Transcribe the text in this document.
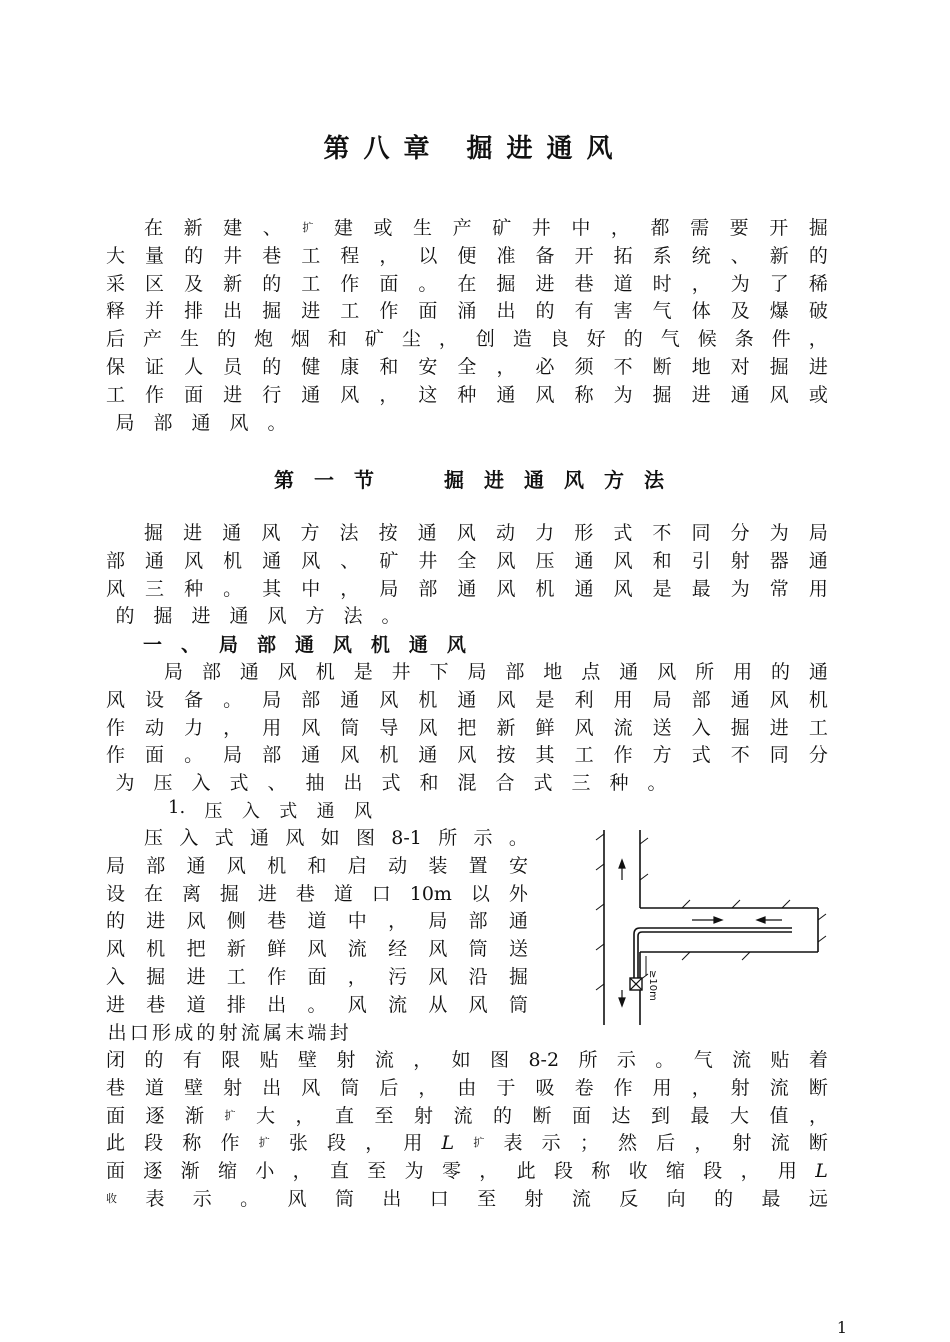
第八章 掘进通风
在 新 建 、 扩 建 或 生 产 矿 井 中 ， 都 需 要 开 掘
大 量 的 井 巷 工 程 ， 以 便 准 备 开 拓 系 统 、 新 的
采 区 及 新 的 工 作 面 。 在 掘 进 巷 道 时 ， 为 了 稀
释 并 排 出 掘 进 工 作 面 涌 出 的 有 害 气 体 及 爆 破
后 产 生 的 炮 烟 和 矿 尘 ， 创 造 良 好 的 气 候 条 件 ，
保 证 人 员 的 健 康 和 安 全 ， 必 须 不 断 地 对 掘 进
工 作 面 进 行 通 风 ， 这 种 通 风 称 为 掘 进 通 风 或
局 部 通 风 。
第 一 节	掘 进 通 风 方 法
掘 进 通 风 方 法 按 通 风 动 力 形 式 不 同 分 为 局
部 通 风 机 通 风 、 矿 井 全 风 压 通 风 和 引 射 器 通
风 三 种 。 其 中 ， 局 部 通 风 机 通 风 是 最 为 常 用
的 掘 进 通 风 方 法 。
一 、 局 部 通 风 机 通 风
局 部 通 风 机 是 井 下 局 部 地 点 通 风 所 用 的 通
风 设 备 。 局 部 通 风 机 通 风 是 利 用 局 部 通 风 机
作 动 力 ， 用 风 筒 导 风 把 新 鲜 风 流 送 入 掘 进 工
作 面 。 局 部 通 风 机 通 风 按 其 工 作 方 式 不 同 分
为 压 入 式 、 抽 出 式 和 混 合 式 三 种 。
1. 压 入 式 通 风
压 入 式 通 风 如 图 8-1 所 示 。
局 部 通 风 机 和 启 动 装 置 安
设 在 离 掘 进 巷 道 口 10m 以 外
的 进 风 侧 巷 道 中 ， 局 部 通
风 机 把 新 鲜 风 流 经 风 筒 送
入 掘 进 工 作 面 ， 污 风 沿 掘
进 巷 道 排 出 。 风 流 从 风 筒
出 口 形 成 的 射 流 属 末 端 封
闭 的 有 限 贴 壁 射 流 ， 如 图 8-2 所 示 。 气 流 贴 着
巷 道 壁 射 出 风 筒 后 ， 由 于 吸 卷 作 用 ， 射 流 断
面 逐 渐 扩 大 ， 直 至 射 流 的 断 面 达 到 最 大 值 ，
此 段 称 作 扩 张 段 ， 用 L 扩 表 示 ； 然 后 ， 射 流 断
面 逐 渐 缩 小 ， 直 至 为 零 ， 此 段 称 收 缩 段 ， 用 L
收 表 示 。 风 筒 出 口 至 射 流 反 向 的 最 远
≥10m
1
